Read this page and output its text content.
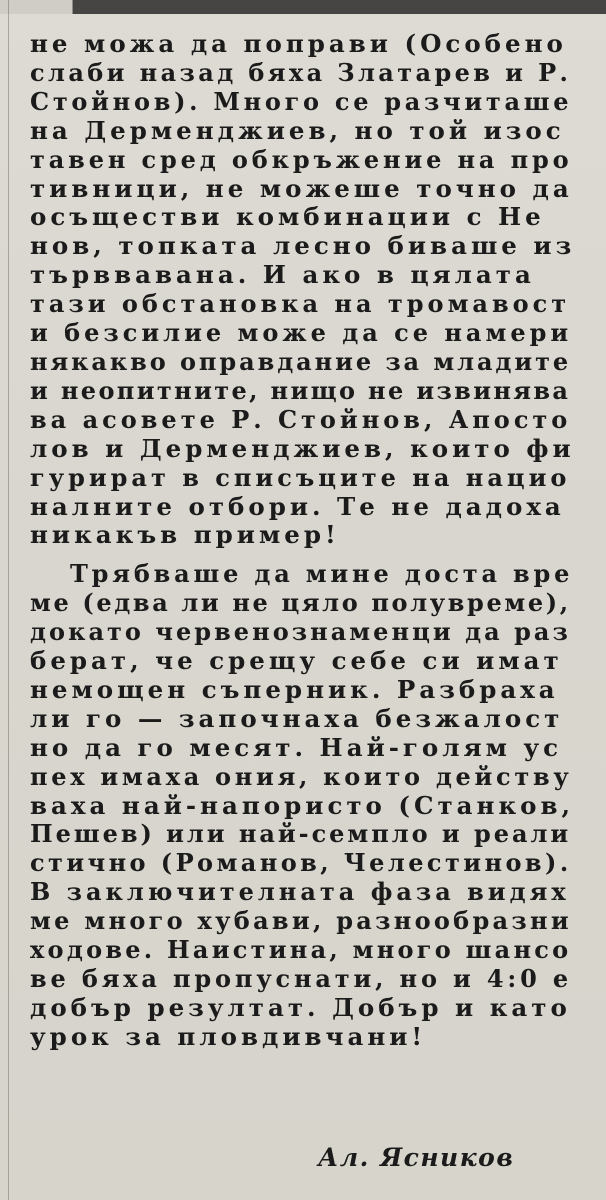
не можа да поправи (Особено
слаби назад бяха Златарев и Р.
Стойнов). Много се разчиташе
на Дерменджиев, но той изос
тавен сред обкръжение на про
тивници, не можеше точно да
осъществи комбинации с Не
нов, топката лесно биваше из
търввавана. И ако в цялата
тази обстановка на тромавост
и безсилие може да се намери
някакво оправдание за младите
и неопитните, нищо не извинява
ва асовете Р. Стойнов, Апосто
лов и Дерменджиев, които фи
гурират в списъците на нацио
налните отбори. Те не дадоха
никакъв пример!
Трябваше да мине доста вре
ме (едва ли не цяло полувреме),
докато червенознаменци да раз
берат, че срещу себе си имат
немощен съперник. Разбраха
ли го — започнаха безжалост
но да го месят. Най-голям ус
пех имаха ония, които действу
ваха най-напористо (Станков,
Пешев) или най-семпло и реали
стично (Романов, Челестинов).
В заключителната фаза видях
ме много хубави, разнообразни
ходове. Наистина, много шансо
ве бяха пропуснати, но и 4:0 е
добър резултат. Добър и като
урок за пловдивчани!
Ал. Ясников
